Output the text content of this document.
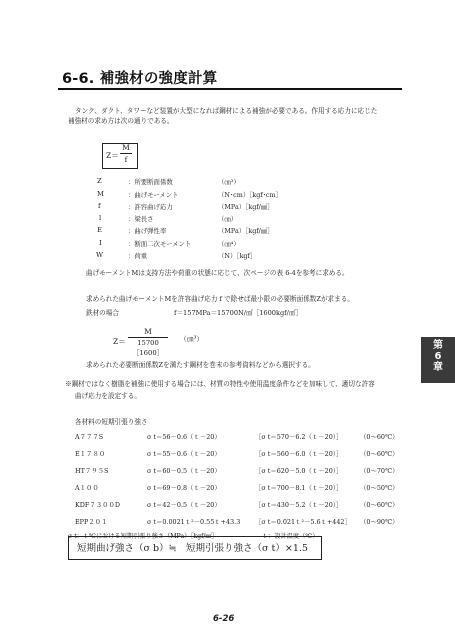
6-6. 補強材の強度計算
タンク、ダクト、タワーなど装置が大型になれば鋼材による補強が必要である。作用する応力に応じた
補強材の求め方は次の通りである。
Z＝
M
f
Z	：所要断面係数	（㎝³）
M	：曲げモーメント	（N･cm）［kgf･cm］
f	：許容曲げ応力	（MPa）［kgf/㎟］
l	：梁長さ	（㎝）
E	：曲げ弾性率	（MPa）［kgf/㎟］
I	：断面二次モーメント	（㎝⁴）
W	：荷重	（N）［kgf］
曲げモーメントMは支持方法や荷重の状態に応じて、次ページの表 6-4を参考に求める。
求められた曲げモーメントMを許容曲げ応力 f で除せば最小限の必要断面係数Zが求まる。
鉄材の場合	f＝157MPa＝15700N/㎠［1600kgf/㎠］
Z＝
M
15700［1600］
（㎝³）
求められた必要断面係数Zを満たす鋼材を巻末の参考資料などから選択する。
※鋼材ではなく樹脂を補強に使用する場合には、材質の特性や使用温度条件などを加味して、適切な許容
曲げ応力を設定する。
各材料の短期引張り強さ
A７７７S	σ t＝56－0.6（ｔ－20）	［σ t＝570－6.2（ｔ－20）］	（0～60℃）
E１７８０	σ t＝55－0.6（ｔ－20）	［σ t＝560－6.0（ｔ－20）］	（0～60℃）
HT７９５S	σ t＝60－0.5（ｔ－20）	［σ t＝620－5.0（ｔ－20）］	（0～70℃）
A１００	σ t＝69－0.8（ｔ－20）	［σ t＝700－8.1（ｔ－20）］	（0～50℃）
KDF７３００D	σ t＝42－0.5（ｔ－20）	［σ t＝430－5.2（ｔ－20）］	（0～60℃）
EPP２０１	σ t＝0.0021ｔ²－0.55ｔ+43.3 ［σ t＝0.021ｔ²－5.6ｔ+442］ （0～90℃）
σ t：ｔ℃における短期引張り強さ（MPa）［kgf/㎟］	ｔ：設計温度（℃）
短期曲げ強さ（σ b）≒　短期引張り強さ（σ t）×1.5
第
6
章
6-26
